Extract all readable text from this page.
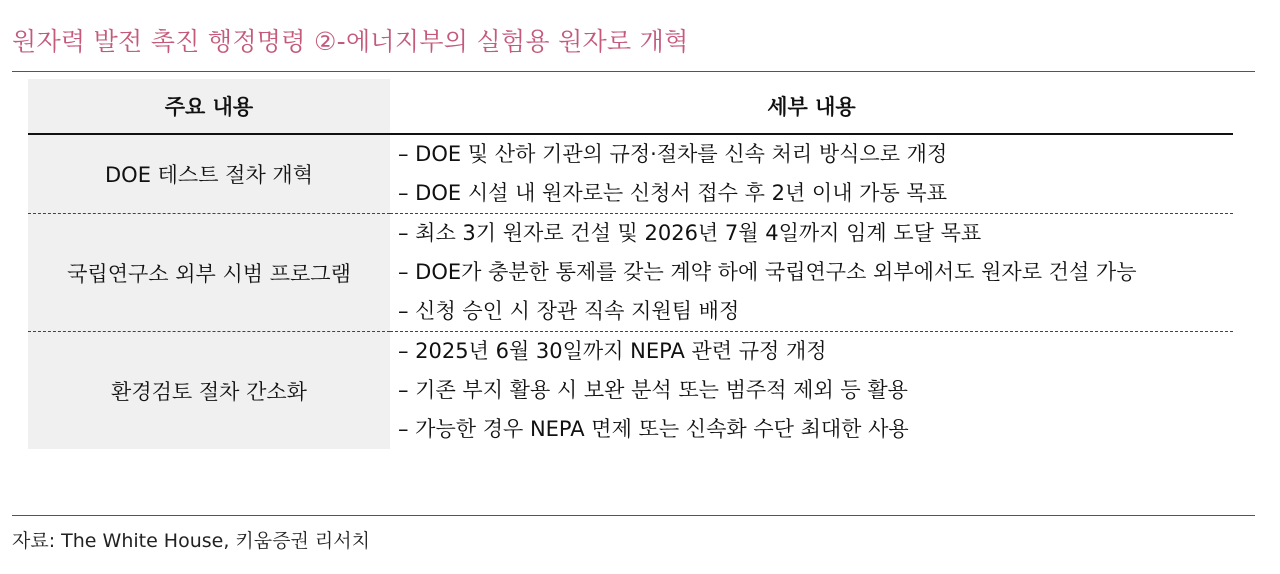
원자력 발전 촉진 행정명령 ②-에너지부의 실험용 원자로 개혁
주요 내용	세부 내용
DOE 테스트 절차 개혁	– DOE 및 산하 기관의 규정·절차를 신속 처리 방식으로 개정
– DOE 시설 내 원자로는 신청서 접수 후 2년 이내 가동 목표

국립연구소 외부 시범 프로그램	– 최소 3기 원자로 건설 및 2026년 7월 4일까지 임계 도달 목표
– DOE가 충분한 통제를 갖는 계약 하에 국립연구소 외부에서도 원자로 건설 가능
– 신청 승인 시 장관 직속 지원팀 배정

환경검토 절차 간소화	– 2025년 6월 30일까지 NEPA 관련 규정 개정
– 기존 부지 활용 시 보완 분석 또는 범주적 제외 등 활용
– 가능한 경우 NEPA 면제 또는 신속화 수단 최대한 사용
자료: The White House, 키움증권 리서치
